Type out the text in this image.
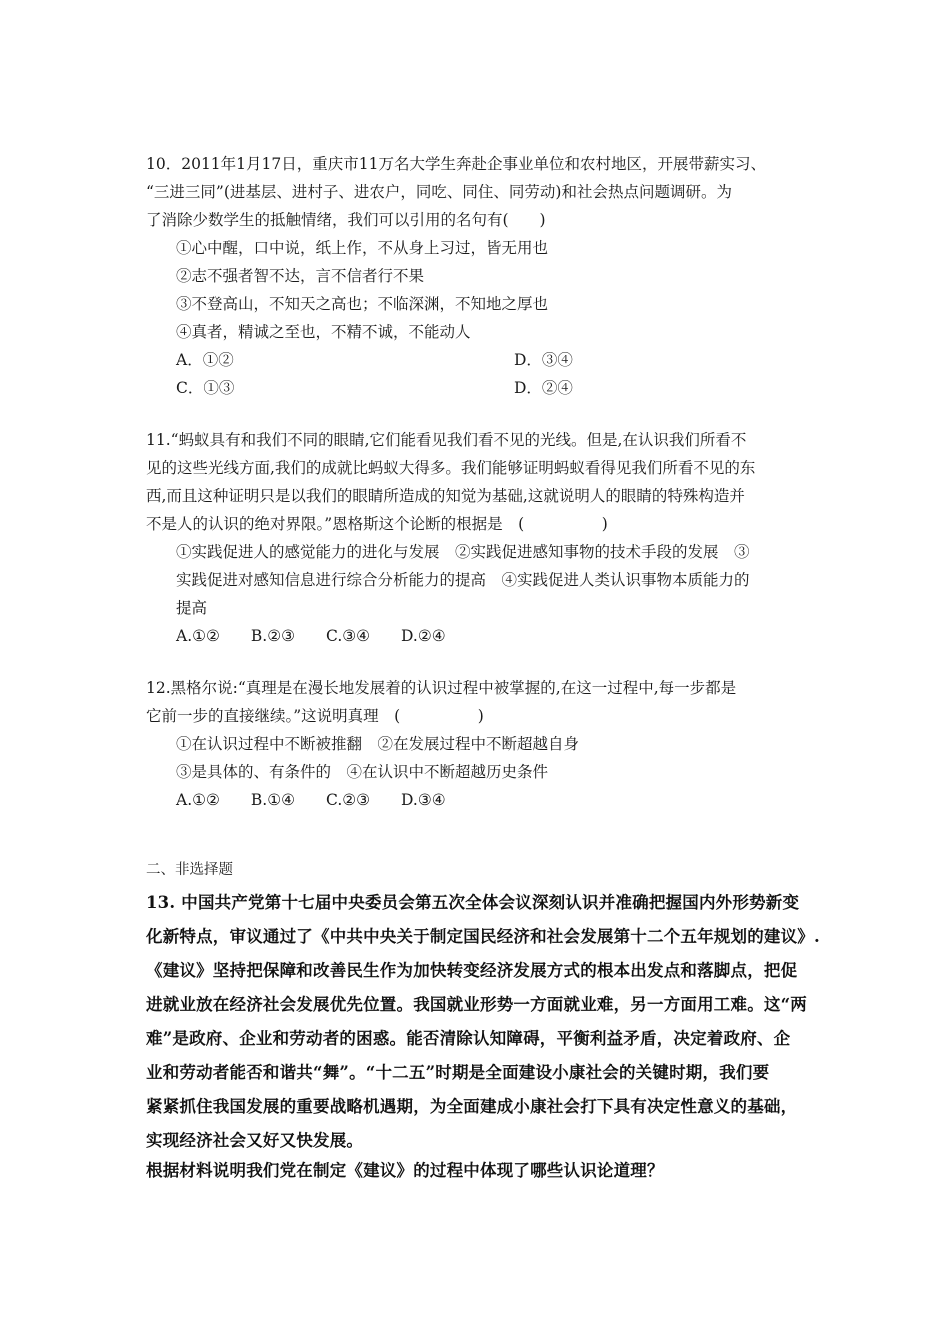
10．2011年1月17日，重庆市11万名大学生奔赴企事业单位和农村地区，开展带薪实习、
“三进三同”(进基层、进村子、进农户，同吃、同住、同劳动)和社会热点问题调研。为
了消除少数学生的抵触情绪，我们可以引用的名句有(　　)
①心中醒，口中说，纸上作，不从身上习过，皆无用也
②志不强者智不达，言不信者行不果
③不登高山，不知天之高也；不临深渊，不知地之厚也
④真者，精诚之至也，不精不诚，不能动人
A．①②	D．③④
C．①③	D．②④
11.“蚂蚁具有和我们不同的眼睛,它们能看见我们看不见的光线。但是,在认识我们所看不
见的这些光线方面,我们的成就比蚂蚁大得多。我们能够证明蚂蚁看得见我们所看不见的东
西,而且这种证明只是以我们的眼睛所造成的知觉为基础,这就说明人的眼睛的特殊构造并
不是人的认识的绝对界限。”恩格斯这个论断的根据是　(　　　　　)
①实践促进人的感觉能力的进化与发展　②实践促进感知事物的技术手段的发展　③
实践促进对感知信息进行综合分析能力的提高　④实践促进人类认识事物本质能力的
提高
A.①②　　B.②③　　C.③④　　D.②④
12.黑格尔说:“真理是在漫长地发展着的认识过程中被掌握的,在这一过程中,每一步都是
它前一步的直接继续。”这说明真理　(　　　　　)
①在认识过程中不断被推翻　②在发展过程中不断超越自身
③是具体的、有条件的　④在认识中不断超越历史条件
A.①②　　B.①④　　C.②③　　D.③④
二、非选择题
13. 中国共产党第十七届中央委员会第五次全体会议深刻认识并准确把握国内外形势新变
化新特点，审议通过了《中共中央关于制定国民经济和社会发展第十二个五年规划的建议》.
《建议》坚持把保障和改善民生作为加快转变经济发展方式的根本出发点和落脚点，把促
进就业放在经济社会发展优先位置。我国就业形势一方面就业难，另一方面用工难。这“两
难”是政府、企业和劳动者的困惑。能否清除认知障碍，平衡利益矛盾，决定着政府、企
业和劳动者能否和谐共“舞”。“十二五”时期是全面建设小康社会的关键时期，我们要
紧紧抓住我国发展的重要战略机遇期，为全面建成小康社会打下具有决定性意义的基础，
实现经济社会又好又快发展。
根据材料说明我们党在制定《建议》的过程中体现了哪些认识论道理？
